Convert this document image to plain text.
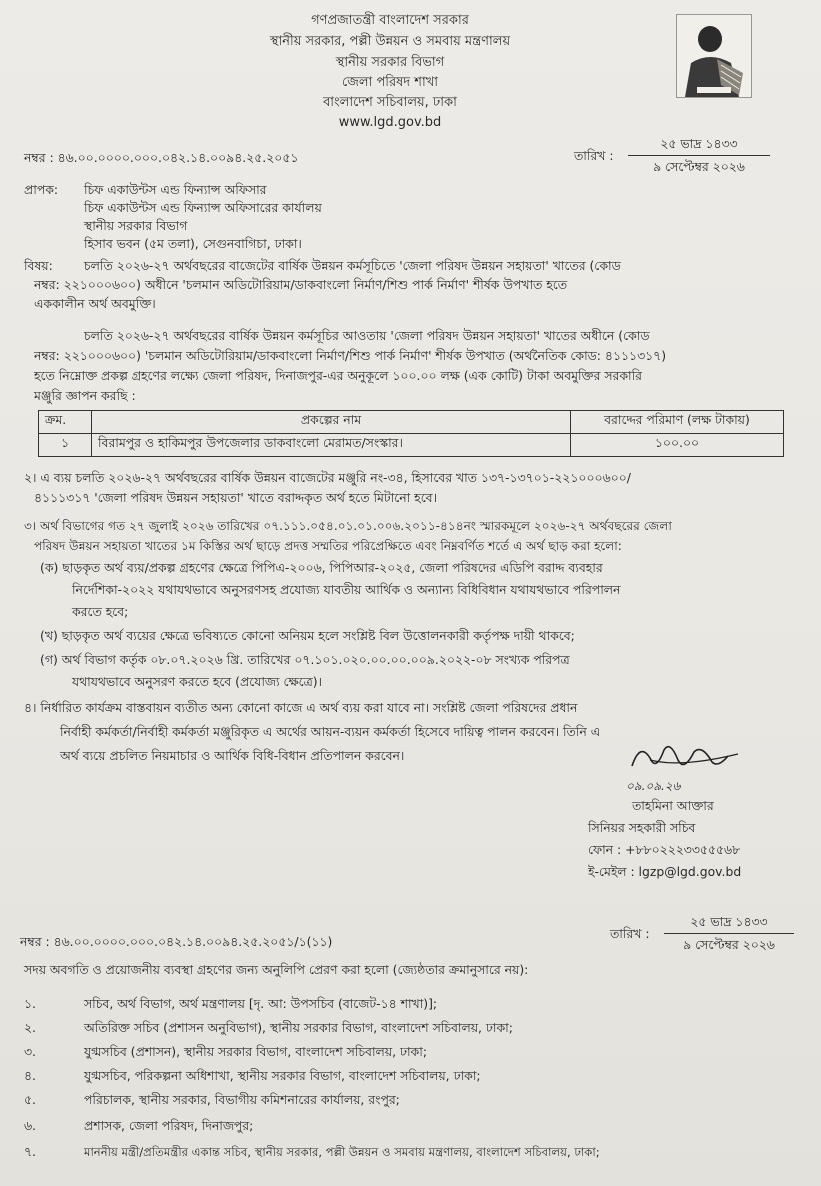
গণপ্রজাতন্ত্রী বাংলাদেশ সরকার
স্থানীয় সরকার, পল্লী উন্নয়ন ও সমবায় মন্ত্রণালয়
স্থানীয় সরকার বিভাগ
জেলা পরিষদ শাখা
বাংলাদেশ সচিবালয়, ঢাকা
www.lgd.gov.bd
নম্বর : ৪৬.০০.০০০০.০০০.০৪২.১৪.০০৯৪.২৫.২০৫১	তারিখ :
২৫ ভাদ্র ১৪৩৩
৯ সেপ্টেম্বর ২০২৬
প্রাপক: চিফ একাউন্টস এন্ড ফিন্যান্স অফিসার
চিফ একাউন্টস এন্ড ফিন্যান্স অফিসারের কার্যালয়
স্থানীয় সরকার বিভাগ
হিসাব ভবন (৫ম তলা), সেগুনবাগিচা, ঢাকা।
বিষয়:	চলতি ২০২৬-২৭ অর্থবছরের বাজেটের বার্ষিক উন্নয়ন কর্মসূচিতে 'জেলা পরিষদ উন্নয়ন সহায়তা' খাতের (কোড
নম্বর: ২২১০০০৬০০) অধীনে 'চলমান অডিটোরিয়াম/ডাকবাংলো নির্মাণ/শিশু পার্ক নির্মাণ' শীর্ষক উপখাত হতে
এককালীন অর্থ অবমুক্তি।
চলতি ২০২৬-২৭ অর্থবছরের বার্ষিক উন্নয়ন কর্মসূচির আওতায় 'জেলা পরিষদ উন্নয়ন সহায়তা' খাতের অধীনে (কোড
নম্বর: ২২১০০০৬০০) 'চলমান অডিটোরিয়াম/ডাকবাংলো নির্মাণ/শিশু পার্ক নির্মাণ' শীর্ষক উপখাত (অর্থনৈতিক কোড: ৪১১১৩১৭)
হতে নিম্নোক্ত প্রকল্প গ্রহণের লক্ষ্যে জেলা পরিষদ, দিনাজপুর-এর অনুকূলে ১০০.০০ লক্ষ (এক কোটি) টাকা অবমুক্তির সরকারি
মঞ্জুরি জ্ঞাপন করছি :
ক্রম.	প্রকল্পের নাম	বরাদ্দের পরিমাণ (লক্ষ টাকায়)
১	বিরামপুর ও হাকিমপুর উপজেলার ডাকবাংলো মেরামত/সংস্কার।	১০০.০০
২। এ ব্যয় চলতি ২০২৬-২৭ অর্থবছরের বার্ষিক উন্নয়ন বাজেটের মঞ্জুরি নং-৩৪, হিসাবের খাত ১৩৭-১৩৭০১-২২১০০০৬০০/
৪১১১৩১৭ 'জেলা পরিষদ উন্নয়ন সহায়তা' খাতে বরাদ্দকৃত অর্থ হতে মিটানো হবে।
৩। অর্থ বিভাগের গত ২৭ জুলাই ২০২৬ তারিখের ০৭.১১১.০৫৪.০১.০১.০০৬.২০১১-৪১৪নং স্মারকমূলে ২০২৬-২৭ অর্থবছরের জেলা
পরিষদ উন্নয়ন সহায়তা খাতের ১ম কিস্তির অর্থ ছাড়ে প্রদত্ত সম্মতির পরিপ্রেক্ষিতে এবং নিম্নবর্ণিত শর্তে এ অর্থ ছাড় করা হলো:
(ক) ছাড়কৃত অর্থ ব্যয়/প্রকল্প গ্রহণের ক্ষেত্রে পিপিএ-২০০৬, পিপিআর-২০২৫, জেলা পরিষদের এডিপি বরাদ্দ ব্যবহার
নির্দেশিকা-২০২২ যথাযথভাবে অনুসরণসহ প্রযোজ্য যাবতীয় আর্থিক ও অন্যান্য বিধিবিধান যথাযথভাবে পরিপালন
করতে হবে;
(খ) ছাড়কৃত অর্থ ব্যয়ের ক্ষেত্রে ভবিষ্যতে কোনো অনিয়ম হলে সংশ্লিষ্ট বিল উত্তোলনকারী কর্তৃপক্ষ দায়ী থাকবে;
(গ) অর্থ বিভাগ কর্তৃক ০৮.০৭.২০২৬ খ্রি. তারিখের ০৭.১০১.০২০.০০.০০.০০৯.২০২২-০৮ সংখ্যক পরিপত্র
যথাযথভাবে অনুসরণ করতে হবে (প্রযোজ্য ক্ষেত্রে)।
৪। নির্ধারিত কার্যক্রম বাস্তবায়ন ব্যতীত অন্য কোনো কাজে এ অর্থ ব্যয় করা যাবে না। সংশ্লিষ্ট জেলা পরিষদের প্রধান
নির্বাহী কর্মকর্তা/নির্বাহী কর্মকর্তা মঞ্জুরিকৃত এ অর্থের আয়ন-ব্যয়ন কর্মকর্তা হিসেবে দায়িত্ব পালন করবেন। তিনি এ
অর্থ ব্যয়ে প্রচলিত নিয়মাচার ও আর্থিক বিধি-বিধান প্রতিপালন করবেন।
০৯.০৯.২৬
তাহমিনা আক্তার
সিনিয়র সহকারী সচিব
ফোন : +৮৮০২২২৩৩৫৫৫৬৮
ই-মেইল : lgzp@lgd.gov.bd
নম্বর : ৪৬.০০.০০০০.০০০.০৪২.১৪.০০৯৪.২৫.২০৫১/১(১১)
তারিখ :
২৫ ভাদ্র ১৪৩৩
৯ সেপ্টেম্বর ২০২৬
সদয় অবগতি ও প্রয়োজনীয় ব্যবস্থা গ্রহণের জন্য অনুলিপি প্রেরণ করা হলো (জ্যেষ্ঠতার ক্রমানুসারে নয়):
১.	সচিব, অর্থ বিভাগ, অর্থ মন্ত্রণালয় [দৃ. আ: উপসচিব (বাজেট-১৪ শাখা)];
২.	অতিরিক্ত সচিব (প্রশাসন অনুবিভাগ), স্থানীয় সরকার বিভাগ, বাংলাদেশ সচিবালয়, ঢাকা;
৩.	যুগ্মসচিব (প্রশাসন), স্থানীয় সরকার বিভাগ, বাংলাদেশ সচিবালয়, ঢাকা;
৪.	যুগ্মসচিব, পরিকল্পনা অধিশাখা, স্থানীয় সরকার বিভাগ, বাংলাদেশ সচিবালয়, ঢাকা;
৫.	পরিচালক, স্থানীয় সরকার, বিভাগীয় কমিশনারের কার্যালয়, রংপুর;
৬.	প্রশাসক, জেলা পরিষদ, দিনাজপুর;
৭.	মাননীয় মন্ত্রী/প্রতিমন্ত্রীর একান্ত সচিব, স্থানীয় সরকার, পল্লী উন্নয়ন ও সমবায় মন্ত্রণালয়, বাংলাদেশ সচিবালয়, ঢাকা;
